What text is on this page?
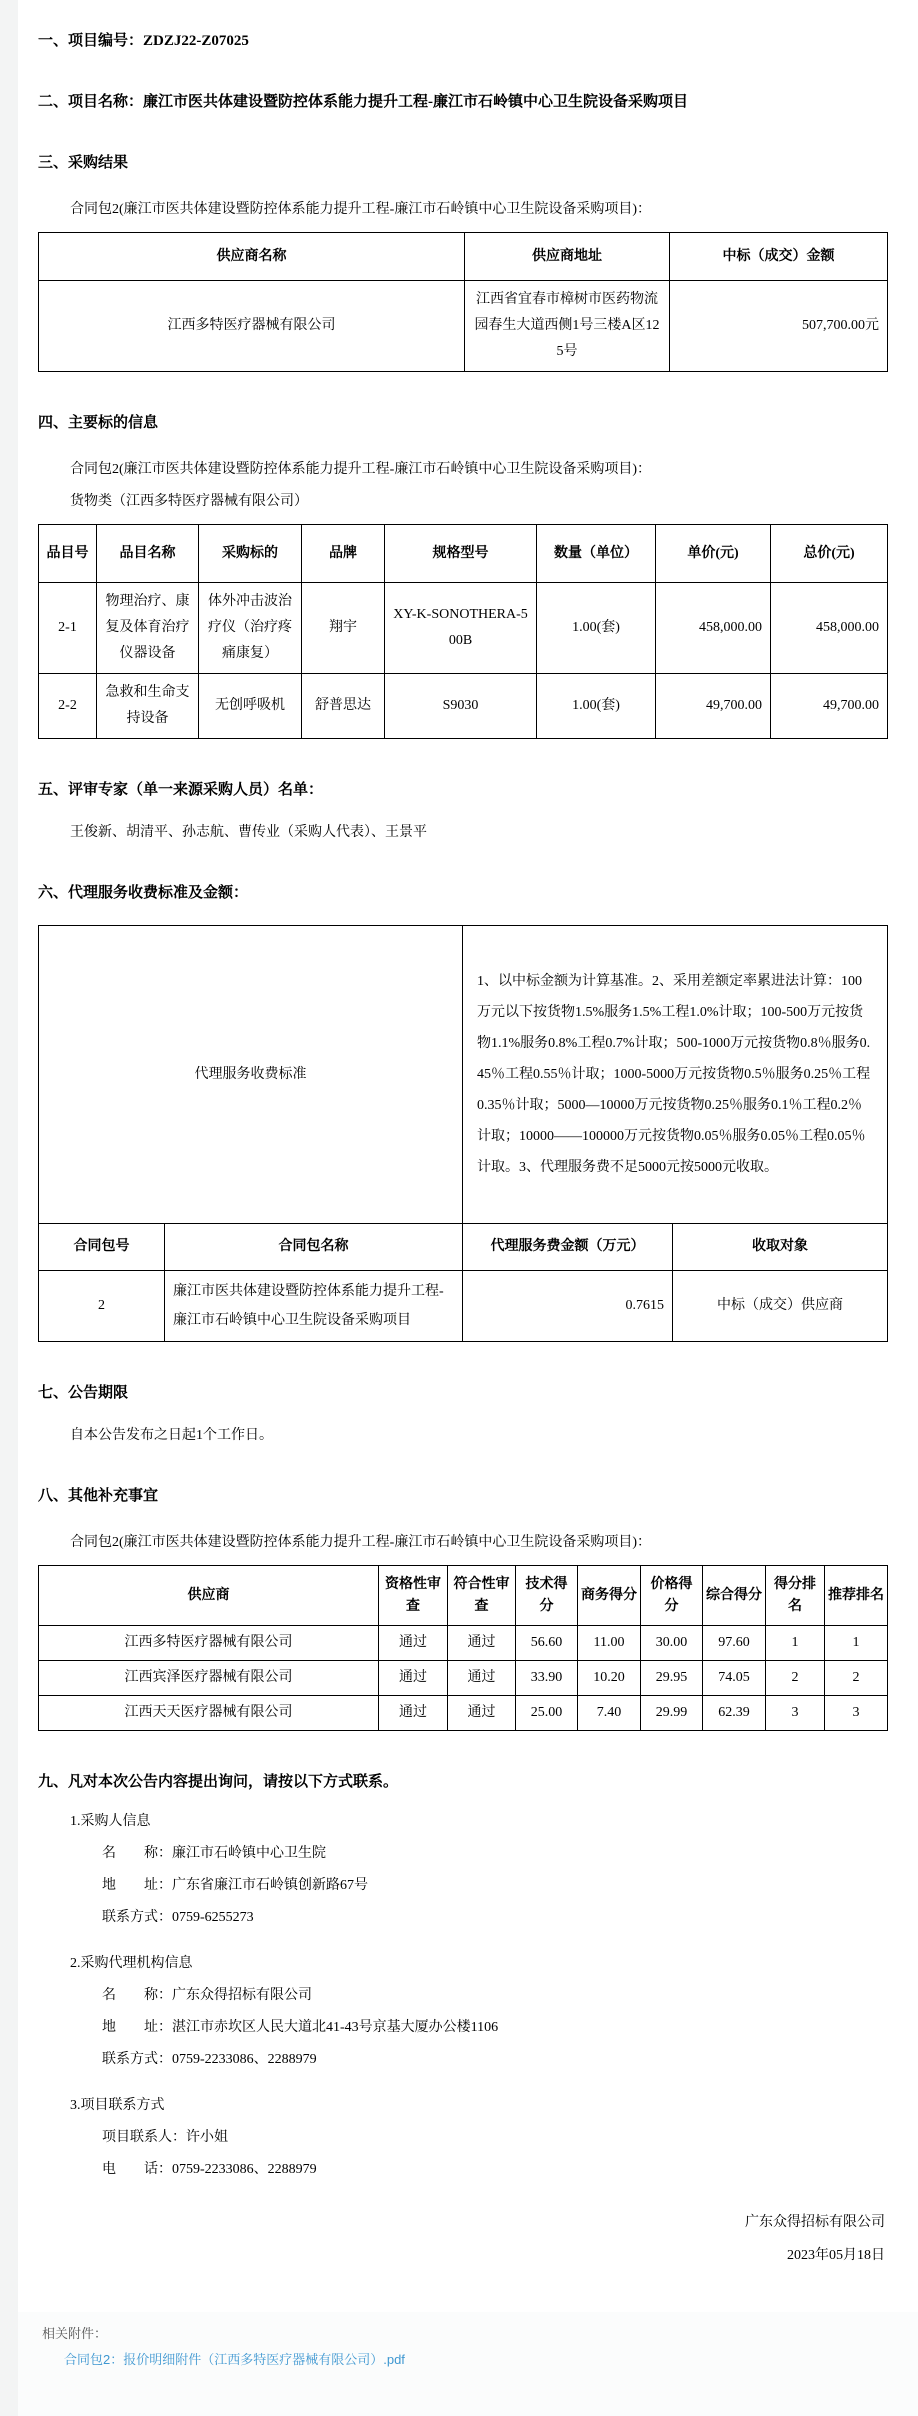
一、项目编号：ZDZJ22-Z07025
二、项目名称：廉江市医共体建设暨防控体系能力提升工程-廉江市石岭镇中心卫生院设备采购项目
三、采购结果
合同包2(廉江市医共体建设暨防控体系能力提升工程-廉江市石岭镇中心卫生院设备采购项目)：
供应商名称	供应商地址	中标（成交）金额
江西多特医疗器械有限公司	江西省宜春市樟树市医药物流园春生大道西侧1号三楼A区125号	507,700.00元
四、主要标的信息
合同包2(廉江市医共体建设暨防控体系能力提升工程-廉江市石岭镇中心卫生院设备采购项目)：
货物类（江西多特医疗器械有限公司）
品目号	品目名称	采购标的	品牌	规格型号	数量（单位）	单价(元)	总价(元)
2-1	物理治疗、康复及体育治疗仪器设备	体外冲击波治疗仪（治疗疼痛康复）	翔宇	XY-K-SONOTHERA-500B	1.00(套)	458,000.00	458,000.00
2-2	急救和生命支持设备	无创呼吸机	舒普思达	S9030	1.00(套)	49,700.00	49,700.00
五、评审专家（单一来源采购人员）名单：
王俊新、胡清平、孙志航、曹传业（采购人代表）、王景平
六、代理服务收费标准及金额：
代理服务收费标准		1、以中标金额为计算基准。2、采用差额定率累进法计算：100万元以下按货物1.5%服务1.5%工程1.0%计取；100-500万元按货物1.1%服务0.8%工程0.7%计取；500-1000万元按货物0.8％服务0.45％工程0.55％计取；1000-5000万元按货物0.5％服务0.25％工程0.35％计取；5000—10000万元按货物0.25％服务0.1％工程0.2％计取；10000——100000万元按货物0.05％服务0.05％工程0.05％计取。3、代理服务费不足5000元按5000元收取。	
合同包号	合同包名称	代理服务费金额（万元）	收取对象
2	廉江市医共体建设暨防控体系能力提升工程-廉江市石岭镇中心卫生院设备采购项目	0.7615	中标（成交）供应商
七、公告期限
自本公告发布之日起1个工作日。
八、其他补充事宜
合同包2(廉江市医共体建设暨防控体系能力提升工程-廉江市石岭镇中心卫生院设备采购项目)：
供应商	资格性审查	符合性审查	技术得分	商务得分	价格得分	综合得分	得分排名	推荐排名
江西多特医疗器械有限公司	通过	通过	56.60	11.00	30.00	97.60	1	1
江西宾泽医疗器械有限公司	通过	通过	33.90	10.20	29.95	74.05	2	2
江西天天医疗器械有限公司	通过	通过	25.00	7.40	29.99	62.39	3	3
九、凡对本次公告内容提出询问，请按以下方式联系。
1.采购人信息
名　　称：廉江市石岭镇中心卫生院
地　　址：广东省廉江市石岭镇创新路67号
联系方式：0759-6255273
2.采购代理机构信息
名　　称：广东众得招标有限公司
地　　址：湛江市赤坎区人民大道北41-43号京基大厦办公楼1106
联系方式：0759-2233086、2288979
3.项目联系方式
项目联系人：许小姐
电　　话：0759-2233086、2288979
广东众得招标有限公司
2023年05月18日
相关附件：
合同包2：报价明细附件（江西多特医疗器械有限公司）.pdf
